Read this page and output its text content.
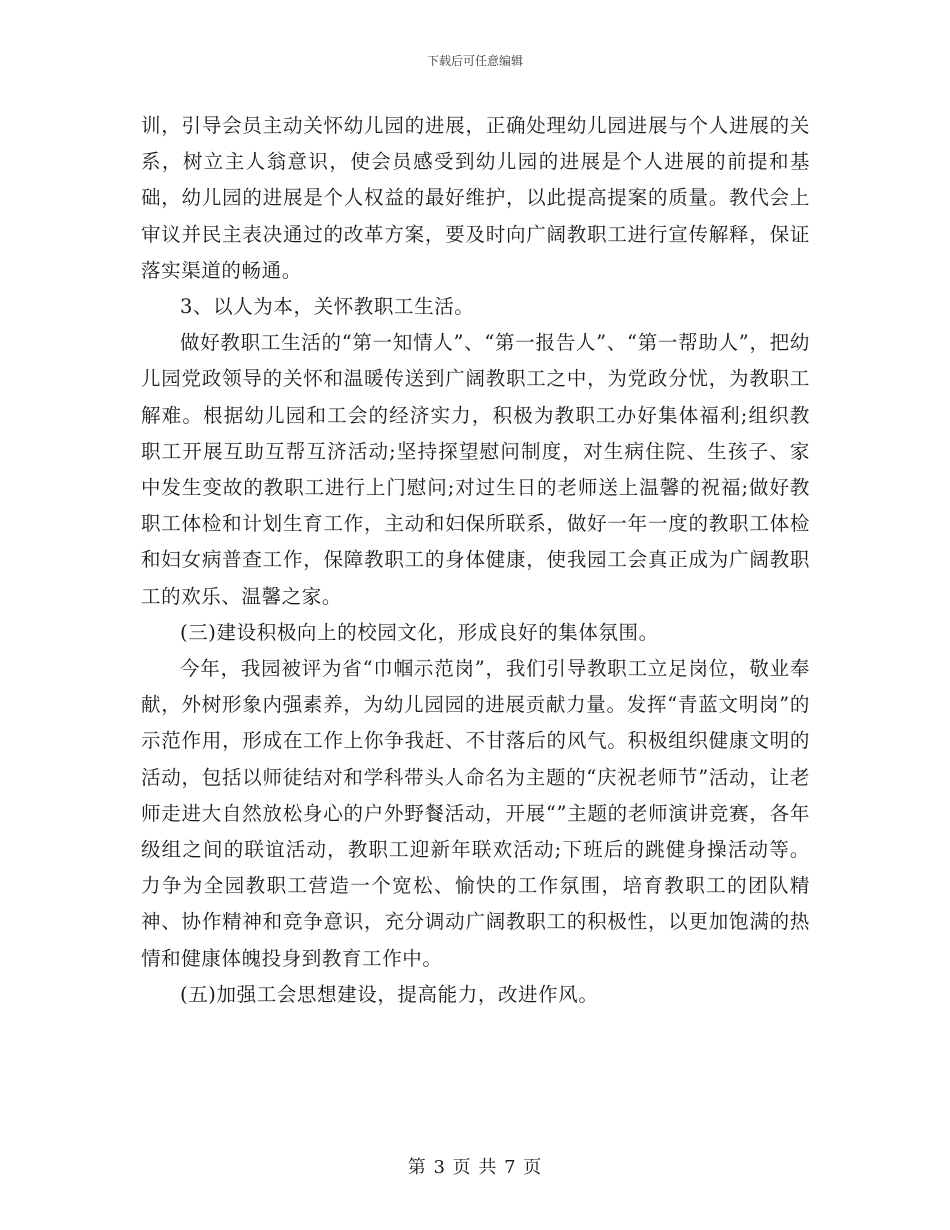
下载后可任意编辑

训，引导会员主动关怀幼儿园的进展，正确处理幼儿园进展与个人进展的关系，树立主人翁意识，使会员感受到幼儿园的进展是个人进展的前提和基础，幼儿园的进展是个人权益的最好维护，以此提高提案的质量。教代会上审议并民主表决通过的改革方案，要及时向广阔教职工进行宣传解释，保证落实渠道的畅通。

3、以人为本，关怀教职工生活。

做好教职工生活的“第一知情人”、“第一报告人”、“第一帮助人”，把幼儿园党政领导的关怀和温暖传送到广阔教职工之中，为党政分忧，为教职工解难。根据幼儿园和工会的经济实力，积极为教职工办好集体福利;组织教职工开展互助互帮互济活动;坚持探望慰问制度，对生病住院、生孩子、家中发生变故的教职工进行上门慰问;对过生日的老师送上温馨的祝福;做好教职工体检和计划生育工作，主动和妇保所联系，做好一年一度的教职工体检和妇女病普查工作，保障教职工的身体健康，使我园工会真正成为广阔教职工的欢乐、温馨之家。

(三)建设积极向上的校园文化，形成良好的集体氛围。

今年，我园被评为省“巾帼示范岗”，我们引导教职工立足岗位，敬业奉献，外树形象内强素养，为幼儿园园的进展贡献力量。发挥“青蓝文明岗”的示范作用，形成在工作上你争我赶、不甘落后的风气。积极组织健康文明的活动，包括以师徒结对和学科带头人命名为主题的“庆祝老师节”活动，让老师走进大自然放松身心的户外野餐活动，开展“”主题的老师演讲竞赛，各年级组之间的联谊活动，教职工迎新年联欢活动;下班后的跳健身操活动等。力争为全园教职工营造一个宽松、愉快的工作氛围，培育教职工的团队精神、协作精神和竞争意识，充分调动广阔教职工的积极性，以更加饱满的热情和健康体魄投身到教育工作中。

(五)加强工会思想建设，提高能力，改进作风。

第 3 页 共 7 页
